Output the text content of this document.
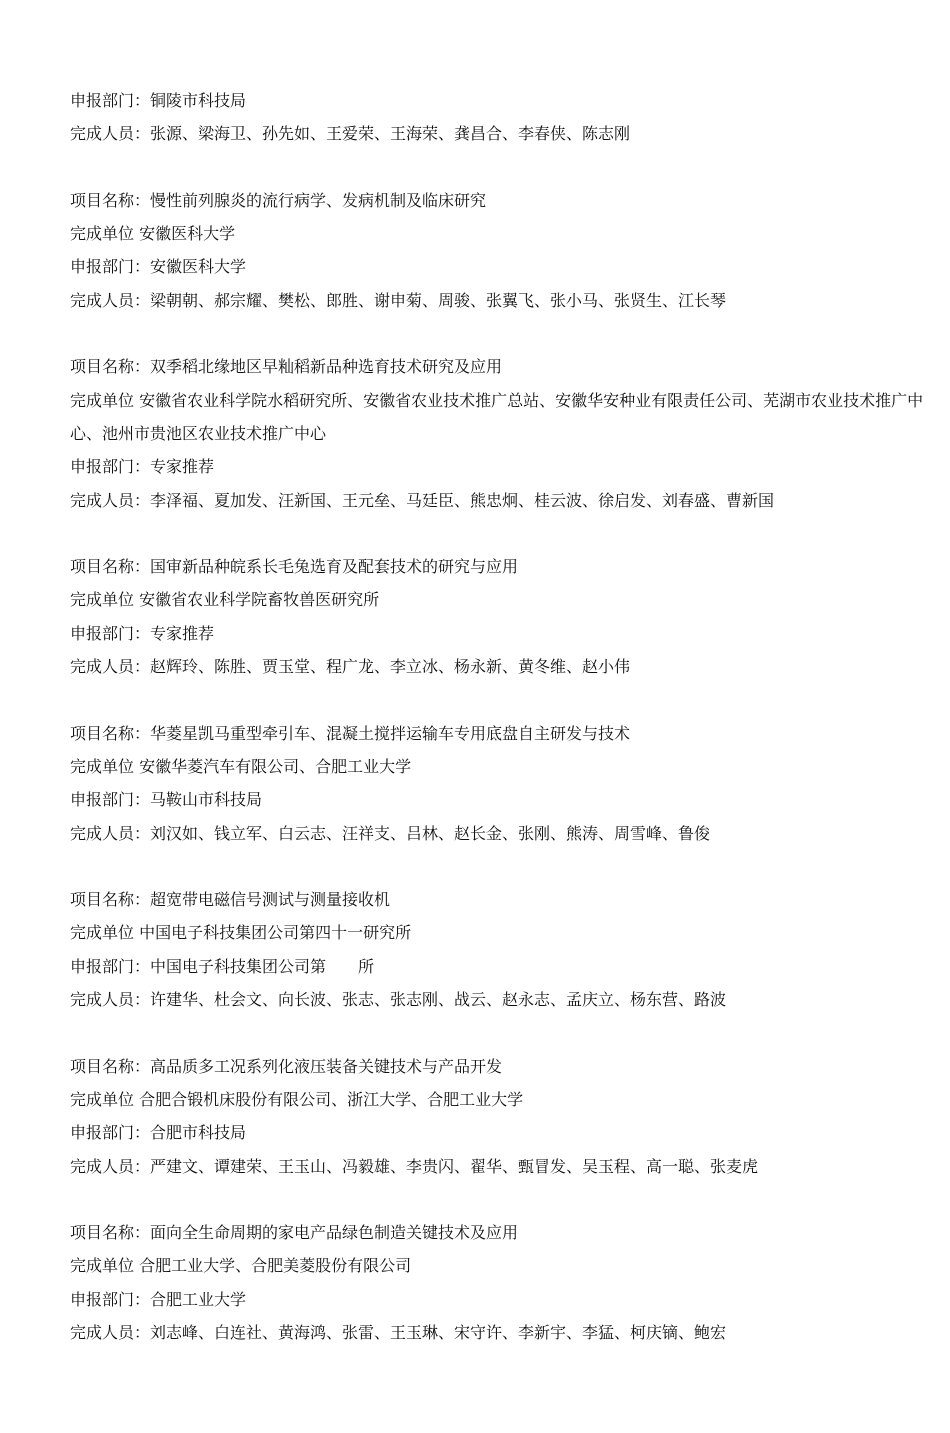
申报部门：铜陵市科技局
完成人员：张源、梁海卫、孙先如、王爱荣、王海荣、龚昌合、李春侠、陈志刚
项目名称：慢性前列腺炎的流行病学、发病机制及临床研究
完成单位 安徽医科大学
申报部门：安徽医科大学
完成人员：梁朝朝、郝宗耀、樊松、郎胜、谢申菊、周骏、张翼飞、张小马、张贤生、江长琴
项目名称：双季稻北缘地区早籼稻新品种选育技术研究及应用
完成单位 安徽省农业科学院水稻研究所、安徽省农业技术推广总站、安徽华安种业有限责任公司、芜湖市农业技术推广中心、池州市贵池区农业技术推广中心
申报部门：专家推荐
完成人员：李泽福、夏加发、汪新国、王元垒、马廷臣、熊忠炯、桂云波、徐启发、刘春盛、曹新国
项目名称：国审新品种皖系长毛兔选育及配套技术的研究与应用
完成单位 安徽省农业科学院畜牧兽医研究所
申报部门：专家推荐
完成人员：赵辉玲、陈胜、贾玉堂、程广龙、李立冰、杨永新、黄冬维、赵小伟
项目名称：华菱星凯马重型牵引车、混凝土搅拌运输车专用底盘自主研发与技术
完成单位 安徽华菱汽车有限公司、合肥工业大学
申报部门：马鞍山市科技局
完成人员：刘汉如、钱立军、白云志、汪祥支、吕林、赵长金、张刚、熊涛、周雪峰、鲁俊
项目名称：超宽带电磁信号测试与测量接收机
完成单位 中国电子科技集团公司第四十一研究所
申报部门：中国电子科技集团公司第　　所
完成人员：许建华、杜会文、向长波、张志、张志刚、战云、赵永志、孟庆立、杨东营、路波
项目名称：高品质多工况系列化液压装备关键技术与产品开发
完成单位 合肥合锻机床股份有限公司、浙江大学、合肥工业大学
申报部门：合肥市科技局
完成人员：严建文、谭建荣、王玉山、冯毅雄、李贵闪、翟华、甄冒发、吴玉程、高一聪、张麦虎
项目名称：面向全生命周期的家电产品绿色制造关键技术及应用
完成单位 合肥工业大学、合肥美菱股份有限公司
申报部门：合肥工业大学
完成人员：刘志峰、白连社、黄海鸿、张雷、王玉琳、宋守许、李新宇、李猛、柯庆镝、鲍宏
